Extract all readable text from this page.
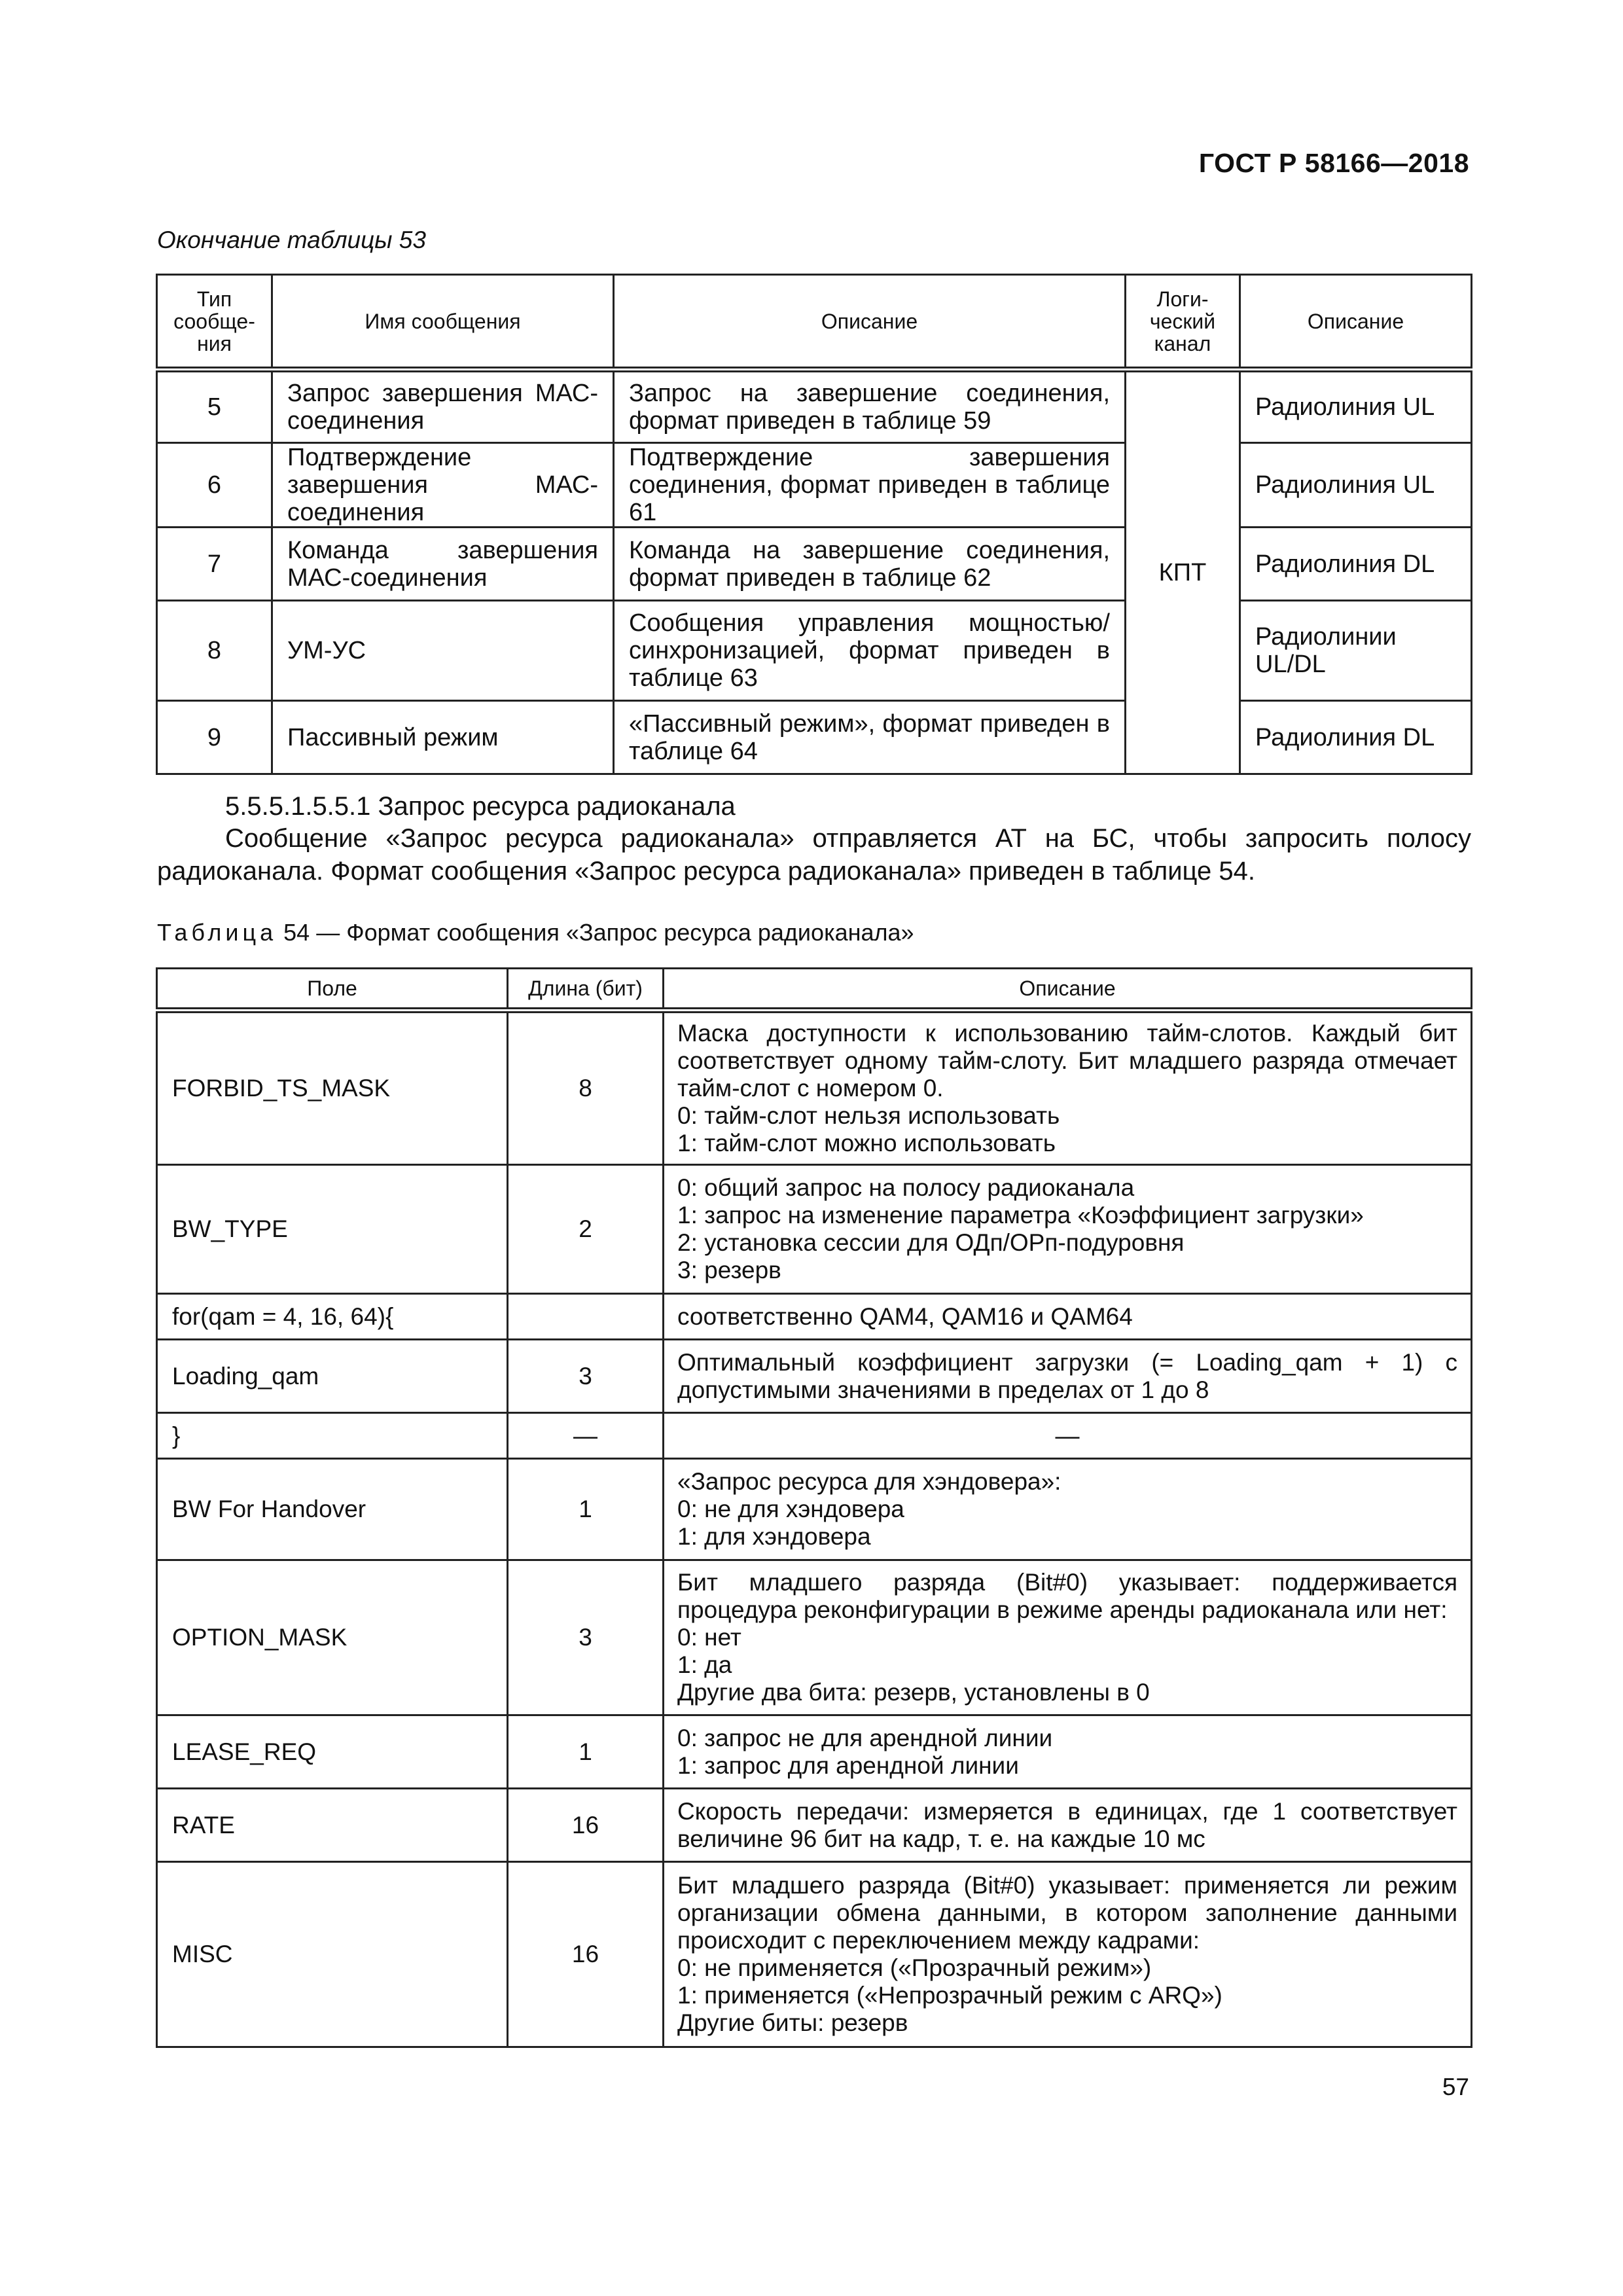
ГОСТ Р 58166—2018
Окончание таблицы 53
Тип сообще-ния	Имя сообщения	Описание	Логи-ческий канал	Описание
5	Запрос завершения МАС-соединения	Запрос на завершение соединения, формат приведен в таблице 59	КПТ	Радиолиния UL
6	Подтверждение завершения МАС-соединения	Подтверждение завершения соединения, формат приведен в таблице 61		Радиолиния UL
7	Команда завершения МАС-соединения	Команда на завершение соединения, формат приведен в таблице 62		Радиолиния DL
8	УМ-УС	Сообщения управления мощностью/синхронизацией, формат приведен в таблице 63		Радиолинии UL/DL
9	Пассивный режим	«Пассивный режим», формат приведен в таблице 64		Радиолиния DL
5.5.5.1.5.5.1 Запрос ресурса радиоканала

Сообщение «Запрос ресурса радиоканала» отправляется АТ на БС, чтобы запросить полосу радиоканала. Формат сообщения «Запрос ресурса радиоканала» приведен в таблице 54.

Таблица 54 — Формат сообщения «Запрос ресурса радиоканала»
Поле	Длина (бит)	Описание
FORBID_TS_MASK	8	Маска доступности к использованию тайм-слотов. Каждый бит соответствует одному тайм-слоту. Бит младшего разряда отмечает тайм-слот с номером 0.
0: тайм-слот нельзя использовать
1: тайм-слот можно использовать
BW_TYPE	2	0: общий запрос на полосу радиоканала
1: запрос на изменение параметра «Коэффициент загрузки»
2: установка сессии для ОДп/ОРп-подуровня
3: резерв
for(qam = 4, 16, 64){		соответственно QAM4, QAM16 и QAM64
Loading_qam	3	Оптимальный коэффициент загрузки (= Loading_qam + 1) с допустимыми значениями в пределах от 1 до 8
}	—	—
BW For Handover	1	«Запрос ресурса для хэндовера»:
0: не для хэндовера
1: для хэндовера
OPTION_MASK	3	Бит младшего разряда (Bit#0) указывает: поддерживается процедура реконфигурации в режиме аренды радиоканала или нет:
0: нет
1: да
Другие два бита: резерв, установлены в 0
LEASE_REQ	1	0: запрос не для арендной линии
1: запрос для арендной линии
RATE	16	Скорость передачи: измеряется в единицах, где 1 соответствует величине 96 бит на кадр, т. е. на каждые 10 мс
MISC	16	Бит младшего разряда (Bit#0) указывает: применяется ли режим организации обмена данными, в котором заполнение данными происходит с переключением между кадрами:
0: не применяется («Прозрачный режим»)
1: применяется («Непрозрачный режим с ARQ»)
Другие биты: резерв
57
